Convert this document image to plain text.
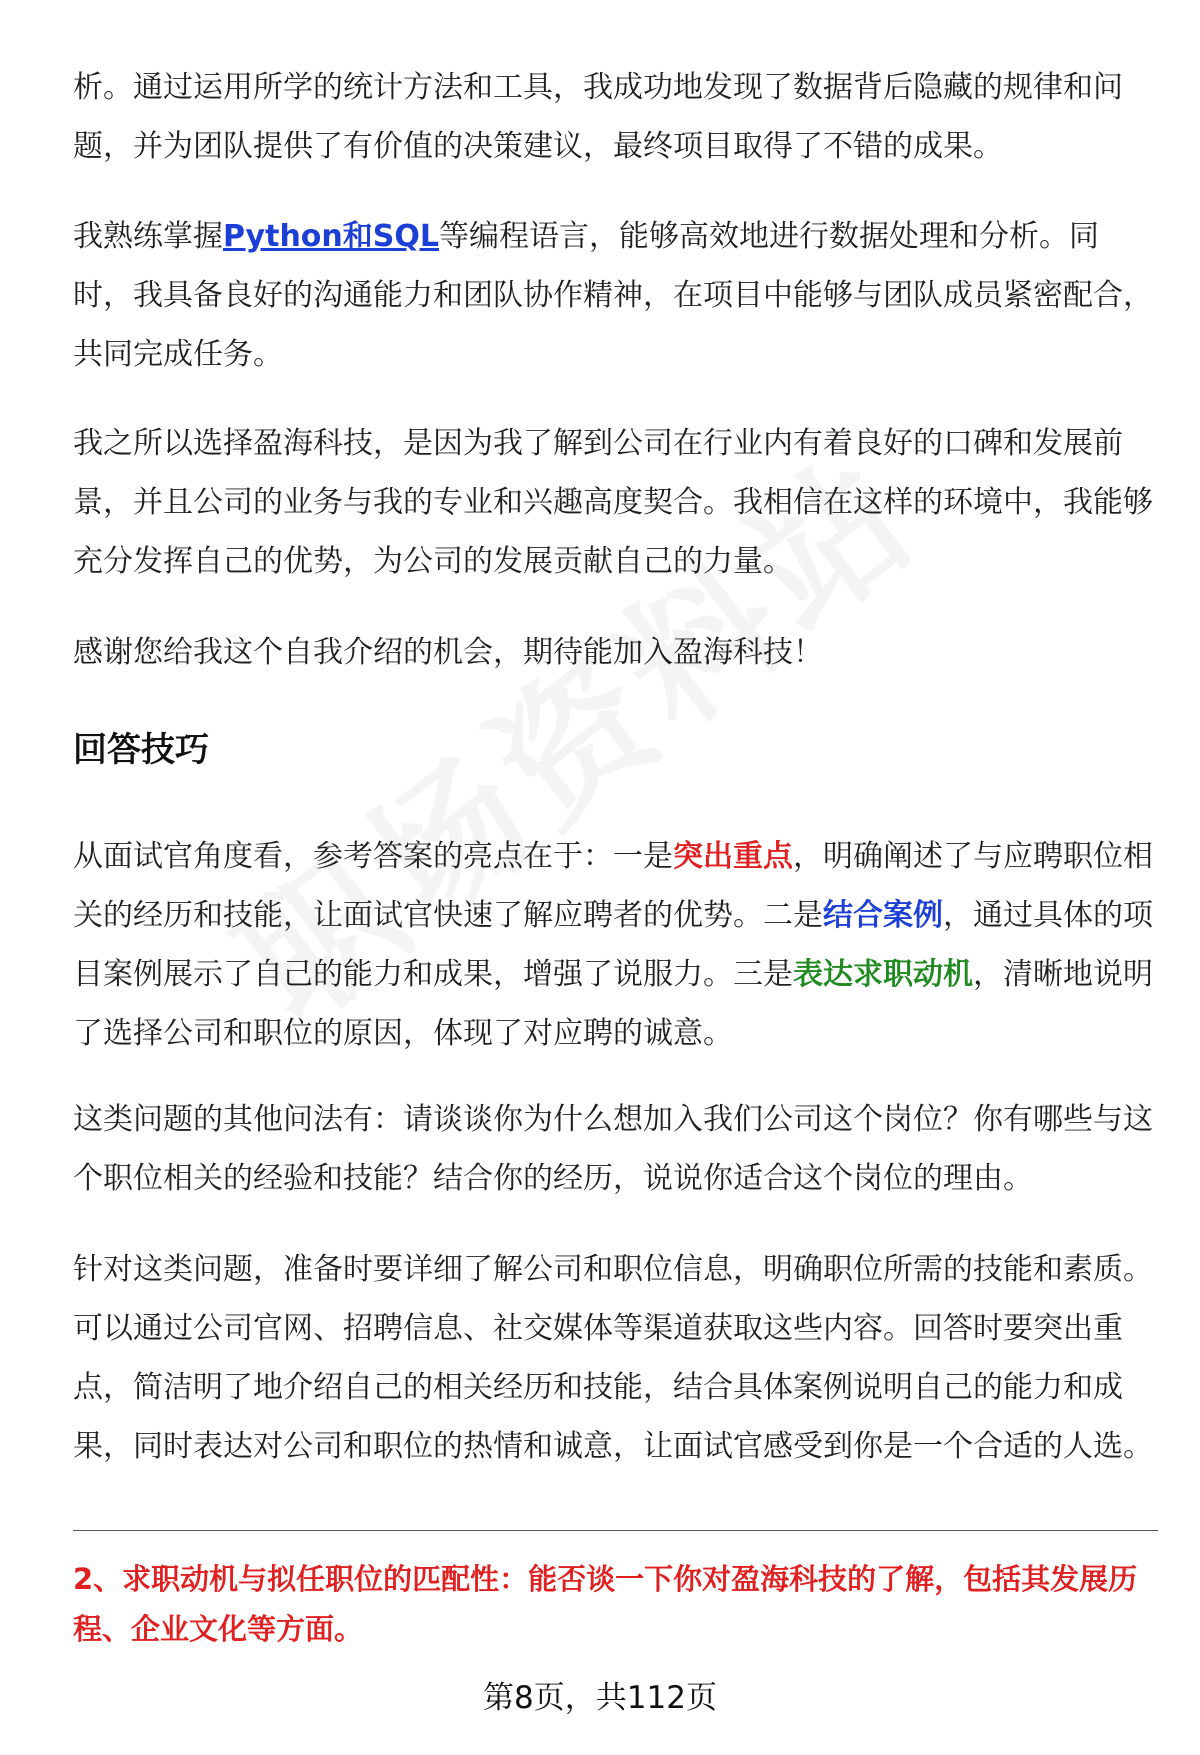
析。通过运用所学的统计方法和工具，我成功地发现了数据背后隐藏的规律和问题，并为团队提供了有价值的决策建议，最终项目取得了不错的成果。

我熟练掌握Python和SQL等编程语言，能够高效地进行数据处理和分析。同时，我具备良好的沟通能力和团队协作精神，在项目中能够与团队成员紧密配合，共同完成任务。

我之所以选择盈海科技，是因为我了解到公司在行业内有着良好的口碑和发展前景，并且公司的业务与我的专业和兴趣高度契合。我相信在这样的环境中，我能够充分发挥自己的优势，为公司的发展贡献自己的力量。

感谢您给我这个自我介绍的机会，期待能加入盈海科技！

回答技巧

从面试官角度看，参考答案的亮点在于：一是突出重点，明确阐述了与应聘职位相关的经历和技能，让面试官快速了解应聘者的优势。二是结合案例，通过具体的项目案例展示了自己的能力和成果，增强了说服力。三是表达求职动机，清晰地说明了选择公司和职位的原因，体现了对应聘的诚意。

这类问题的其他问法有：请谈谈你为什么想加入我们公司这个岗位？你有哪些与这个职位相关的经验和技能？结合你的经历，说说你适合这个岗位的理由。

针对这类问题，准备时要详细了解公司和职位信息，明确职位所需的技能和素质。可以通过公司官网、招聘信息、社交媒体等渠道获取这些内容。回答时要突出重点，简洁明了地介绍自己的相关经历和技能，结合具体案例说明自己的能力和成果，同时表达对公司和职位的热情和诚意，让面试官感受到你是一个合适的人选。

2、求职动机与拟任职位的匹配性：能否谈一下你对盈海科技的了解，包括其发展历程、企业文化等方面。

第8页，共112页
